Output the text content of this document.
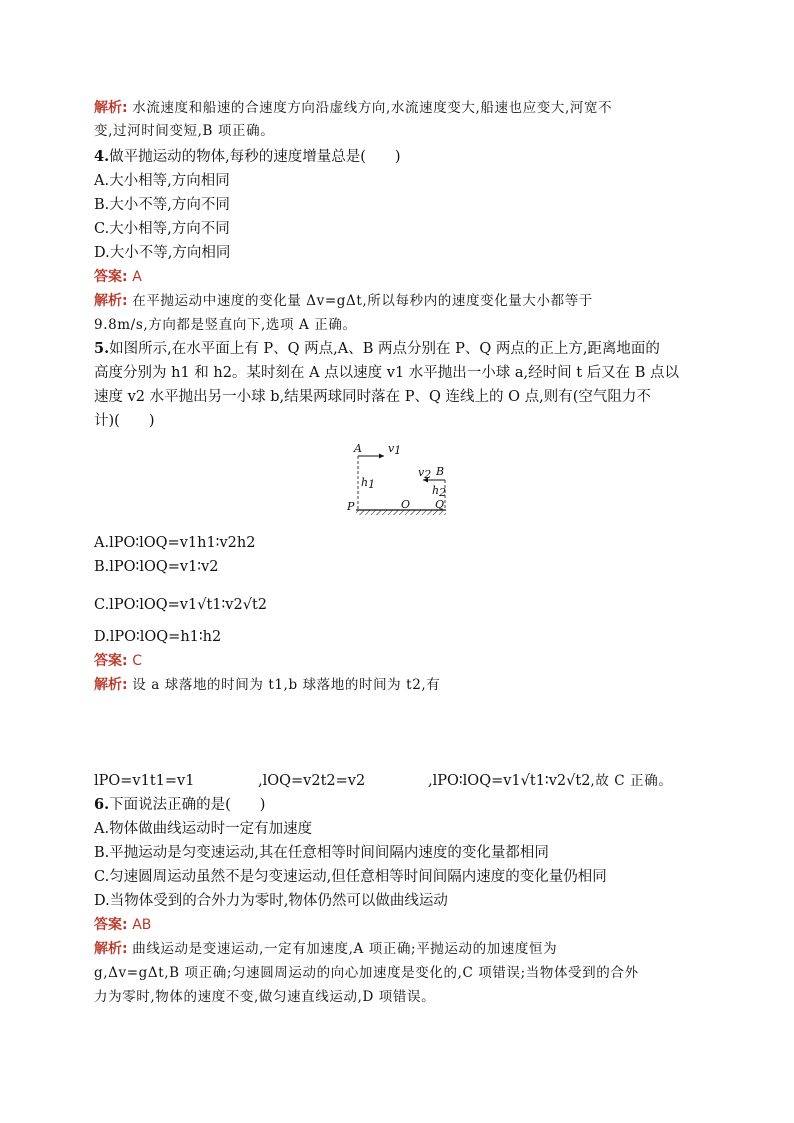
解析: 水流速度和船速的合速度方向沿虚线方向,水流速度变大,船速也应变大,河宽不
变,过河时间变短,B 项正确。
4.做平抛运动的物体,每秒的速度增量总是(　　)
A.大小相等,方向相同
B.大小不等,方向不同
C.大小相等,方向不同
D.大小不等,方向相同
答案: A
解析: 在平抛运动中速度的变化量 Δv=gΔt,所以每秒内的速度变化量大小都等于
9.8m/s,方向都是竖直向下,选项 A 正确。
5.如图所示,在水平面上有 P、Q 两点,A、B 两点分别在 P、Q 两点的正上方,距离地面的
高度分别为 h1 和 h2。某时刻在 A 点以速度 v1 水平抛出一小球 a,经时间 t 后又在 B 点以
速度 v2 水平抛出另一小球 b,结果两球同时落在 P、Q 连线上的 O 点,则有(空气阻力不
计)(　　)
A v1
h1
v2 B
h2
P	O Q
A.lPO∶lOQ=v1h1∶v2h2
B.lPO∶lOQ=v1∶v2
C.lPO∶lOQ=v1√t1∶v2√t2
D.lPO∶lOQ=h1∶h2
答案: C
解析: 设 a 球落地的时间为 t1,b 球落地的时间为 t2,有
lPO=v1t1=v1	,lOQ=v2t2=v2	,lPO∶lOQ=v1√t1∶v2√t2,故 C 正确。
6.下面说法正确的是(　　)
A.物体做曲线运动时一定有加速度
B.平抛运动是匀变速运动,其在任意相等时间间隔内速度的变化量都相同
C.匀速圆周运动虽然不是匀变速运动,但任意相等时间间隔内速度的变化量仍相同
D.当物体受到的合外力为零时,物体仍然可以做曲线运动
答案: AB
解析: 曲线运动是变速运动,一定有加速度,A 项正确;平抛运动的加速度恒为
g,Δv=gΔt,B 项正确;匀速圆周运动的向心加速度是变化的,C 项错误;当物体受到的合外
力为零时,物体的速度不变,做匀速直线运动,D 项错误。
